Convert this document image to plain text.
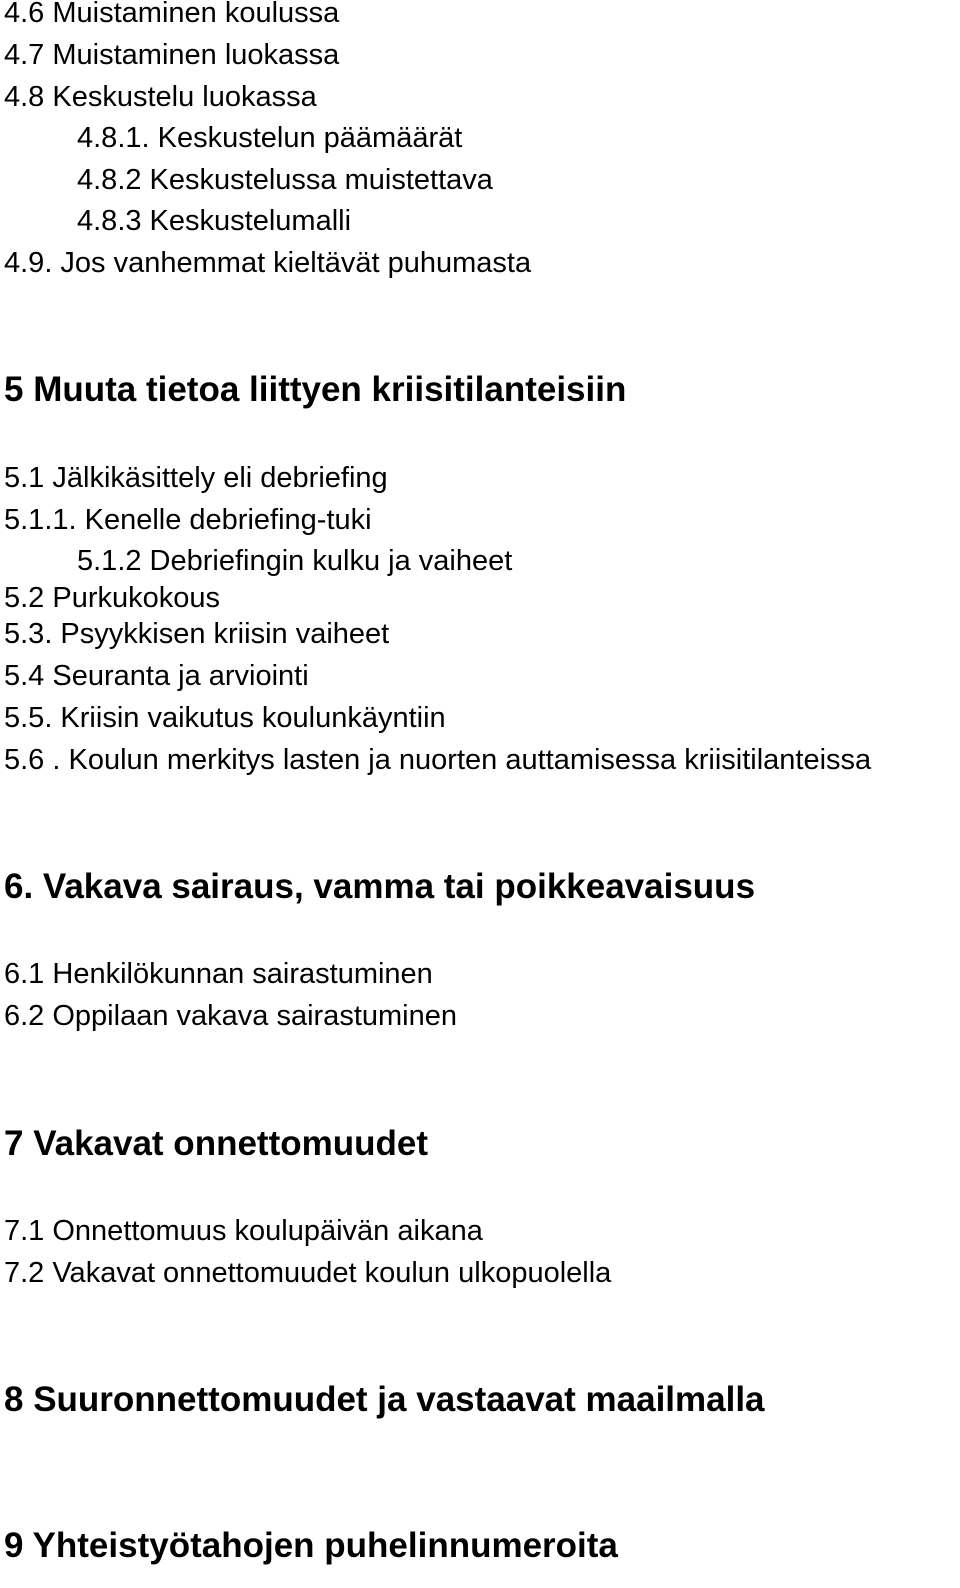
4.6 Muistaminen koulussa
4.7 Muistaminen luokassa
4.8 Keskustelu luokassa
4.8.1. Keskustelun päämäärät
4.8.2 Keskustelussa muistettava
4.8.3 Keskustelumalli
4.9. Jos vanhemmat kieltävät puhumasta
5 Muuta tietoa liittyen kriisitilanteisiin
5.1 Jälkikäsittely eli debriefing
5.1.1. Kenelle debriefing-tuki
5.1.2 Debriefingin kulku ja vaiheet
5.2 Purkukokous
5.3. Psyykkisen kriisin vaiheet
5.4 Seuranta ja arviointi
5.5. Kriisin vaikutus koulunkäyntiin
5.6 . Koulun merkitys lasten ja nuorten auttamisessa kriisitilanteissa
6. Vakava sairaus, vamma tai poikkeavaisuus
6.1 Henkilökunnan sairastuminen
6.2 Oppilaan vakava sairastuminen
7 Vakavat onnettomuudet
7.1 Onnettomuus koulupäivän aikana
7.2 Vakavat onnettomuudet koulun ulkopuolella
8 Suuronnettomuudet ja vastaavat maailmalla
9 Yhteistyötahojen puhelinnumeroita
